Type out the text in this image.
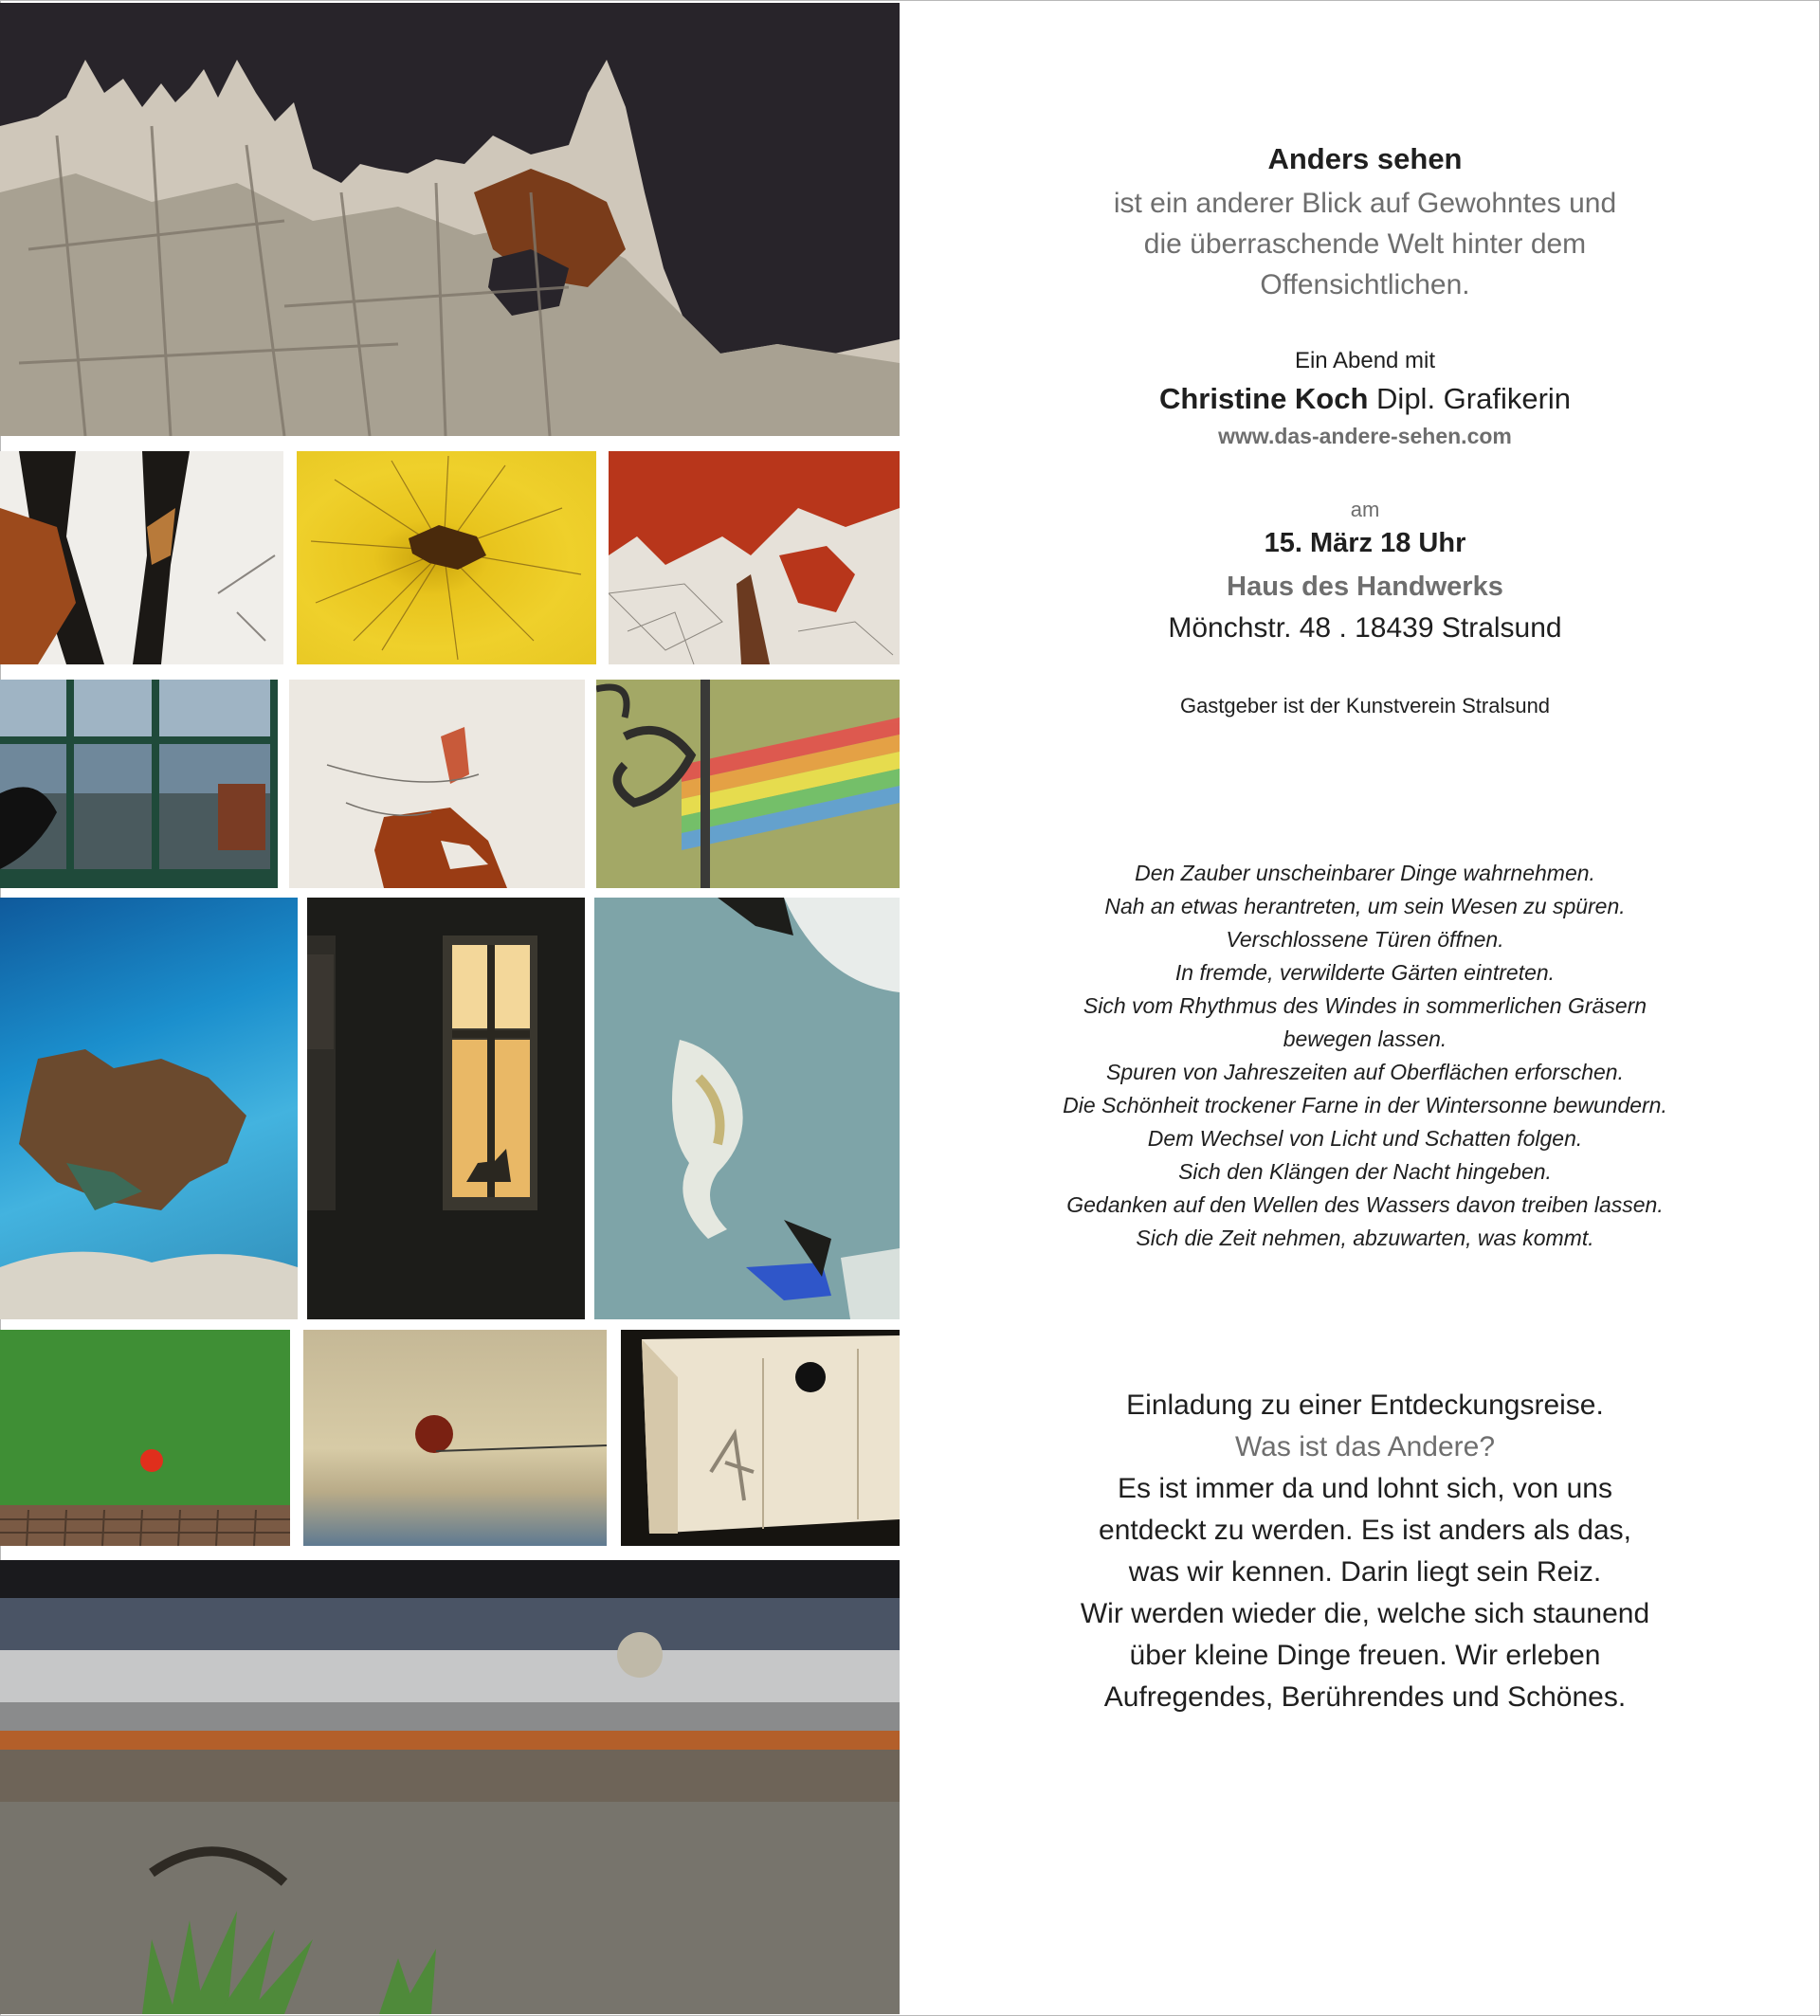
Anders sehen
ist ein anderer Blick auf Gewohntes und
die überraschende Welt hinter dem
Offensichtlichen.
Ein Abend mit
Christine Koch Dipl. Grafikerin
www.das-andere-sehen.com
am
15. März 18 Uhr
Haus des Handwerks
Mönchstr. 48 . 18439 Stralsund
Gastgeber ist der Kunstverein Stralsund
Den Zauber unscheinbarer Dinge wahrnehmen.
Nah an etwas herantreten, um sein Wesen zu spüren.
Verschlossene Türen öffnen.
In fremde, verwilderte Gärten eintreten.
Sich vom Rhythmus des Windes in sommerlichen Gräsern
bewegen lassen.
Spuren von Jahreszeiten auf Oberflächen erforschen.
Die Schönheit trockener Farne in der Wintersonne bewundern.
Dem Wechsel von Licht und Schatten folgen.
Sich den Klängen der Nacht hingeben.
Gedanken auf den Wellen des Wassers davon treiben lassen.
Sich die Zeit nehmen, abzuwarten, was kommt.
Einladung zu einer Entdeckungsreise.
Was ist das Andere?
Es ist immer da und lohnt sich, von uns
entdeckt zu werden. Es ist anders als das,
was wir kennen. Darin liegt sein Reiz.
Wir werden wieder die, welche sich staunend
über kleine Dinge freuen. Wir erleben
Aufregendes, Berührendes und Schönes.
